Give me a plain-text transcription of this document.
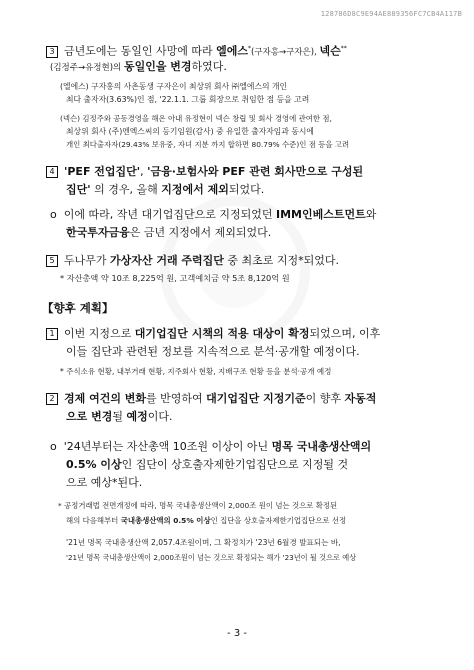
128786D8C9E94AE88935​6FC7CB4A117B
3 금년도에는 동일인 사망에 따라 엘에스*(구자홍→구자은), 넥슨**
(김정주→유정현)의 동일인을 변경하였다.
(엘에스) 구자홍의 사촌동생 구자은이 최상위 회사 ㈜엘에스의 개인
최다 출자자(3.63%)인 점, '22.1.1. 그룹 회장으로 취임한 점 등을 고려
(넥슨) 김정주와 공동경영을 해온 아내 유정현이 넥슨 창립 및 회사 경영에 관여한 점,
최상위 회사 (주)엔엑스씨의 등기임원(감사) 중 유일한 출자자임과 동시에
개인 최다출자자(29.43% 보유중, 자녀 지분 까지 합하면 80.79% 수준)인 점 등을 고려
4 'PEF 전업집단', '금융·보험사와 PEF 관련 회사만으로 구성된
집단' 의 경우, 올해 지정에서 제외되었다.
o  이에 따라, 작년 대기업집단으로 지정되었던 IMM인베스트먼트와
한국투자금융은 금년 지정에서 제외되었다.
5 두나무가 가상자산 거래 주력집단 중 최초로 지정*되었다.
* 자산총액 약 10조 8,225억 원, 고객예치금 약 5조 8,120억 원
【향후 계획】
1 이번 지정으로 대기업집단 시책의 적용 대상이 확정되었으며, 이후
이들 집단과 관련된 정보를 지속적으로 분석·공개할 예정이다.
* 주식소유 현황, 내부거래 현황, 지주회사 현황, 지배구조 현황 등을 분석·공개 예정
2 경제 여건의 변화를 반영하여 대기업집단 지정기준이 향후 자동적
으로 변경될 예정이다.
o  '24년부터는 자산총액 10조원 이상이 아닌 명목 국내총생산액의
0.5% 이상인 집단이 상호출자제한기업집단으로 지정될 것
으로 예상*된다.
* 공정거래법 전면개정에 따라, 명목 국내총생산액이 2,000조 원이 넘는 것으로 확정된
해의 다음해부터 국내총생산액의 0.5% 이상인 집단을 상호출자제한기업집단으로 선정
'21년 명목 국내총생산액 2,057.4조원이며, 그 확정치가 '23년 6월경 발표되는 바,
'21년 명목 국내총생산액이 2,000조원이 넘는 것으로 확정되는 해가 '23년이 될 것으로 예상
- 3 -
